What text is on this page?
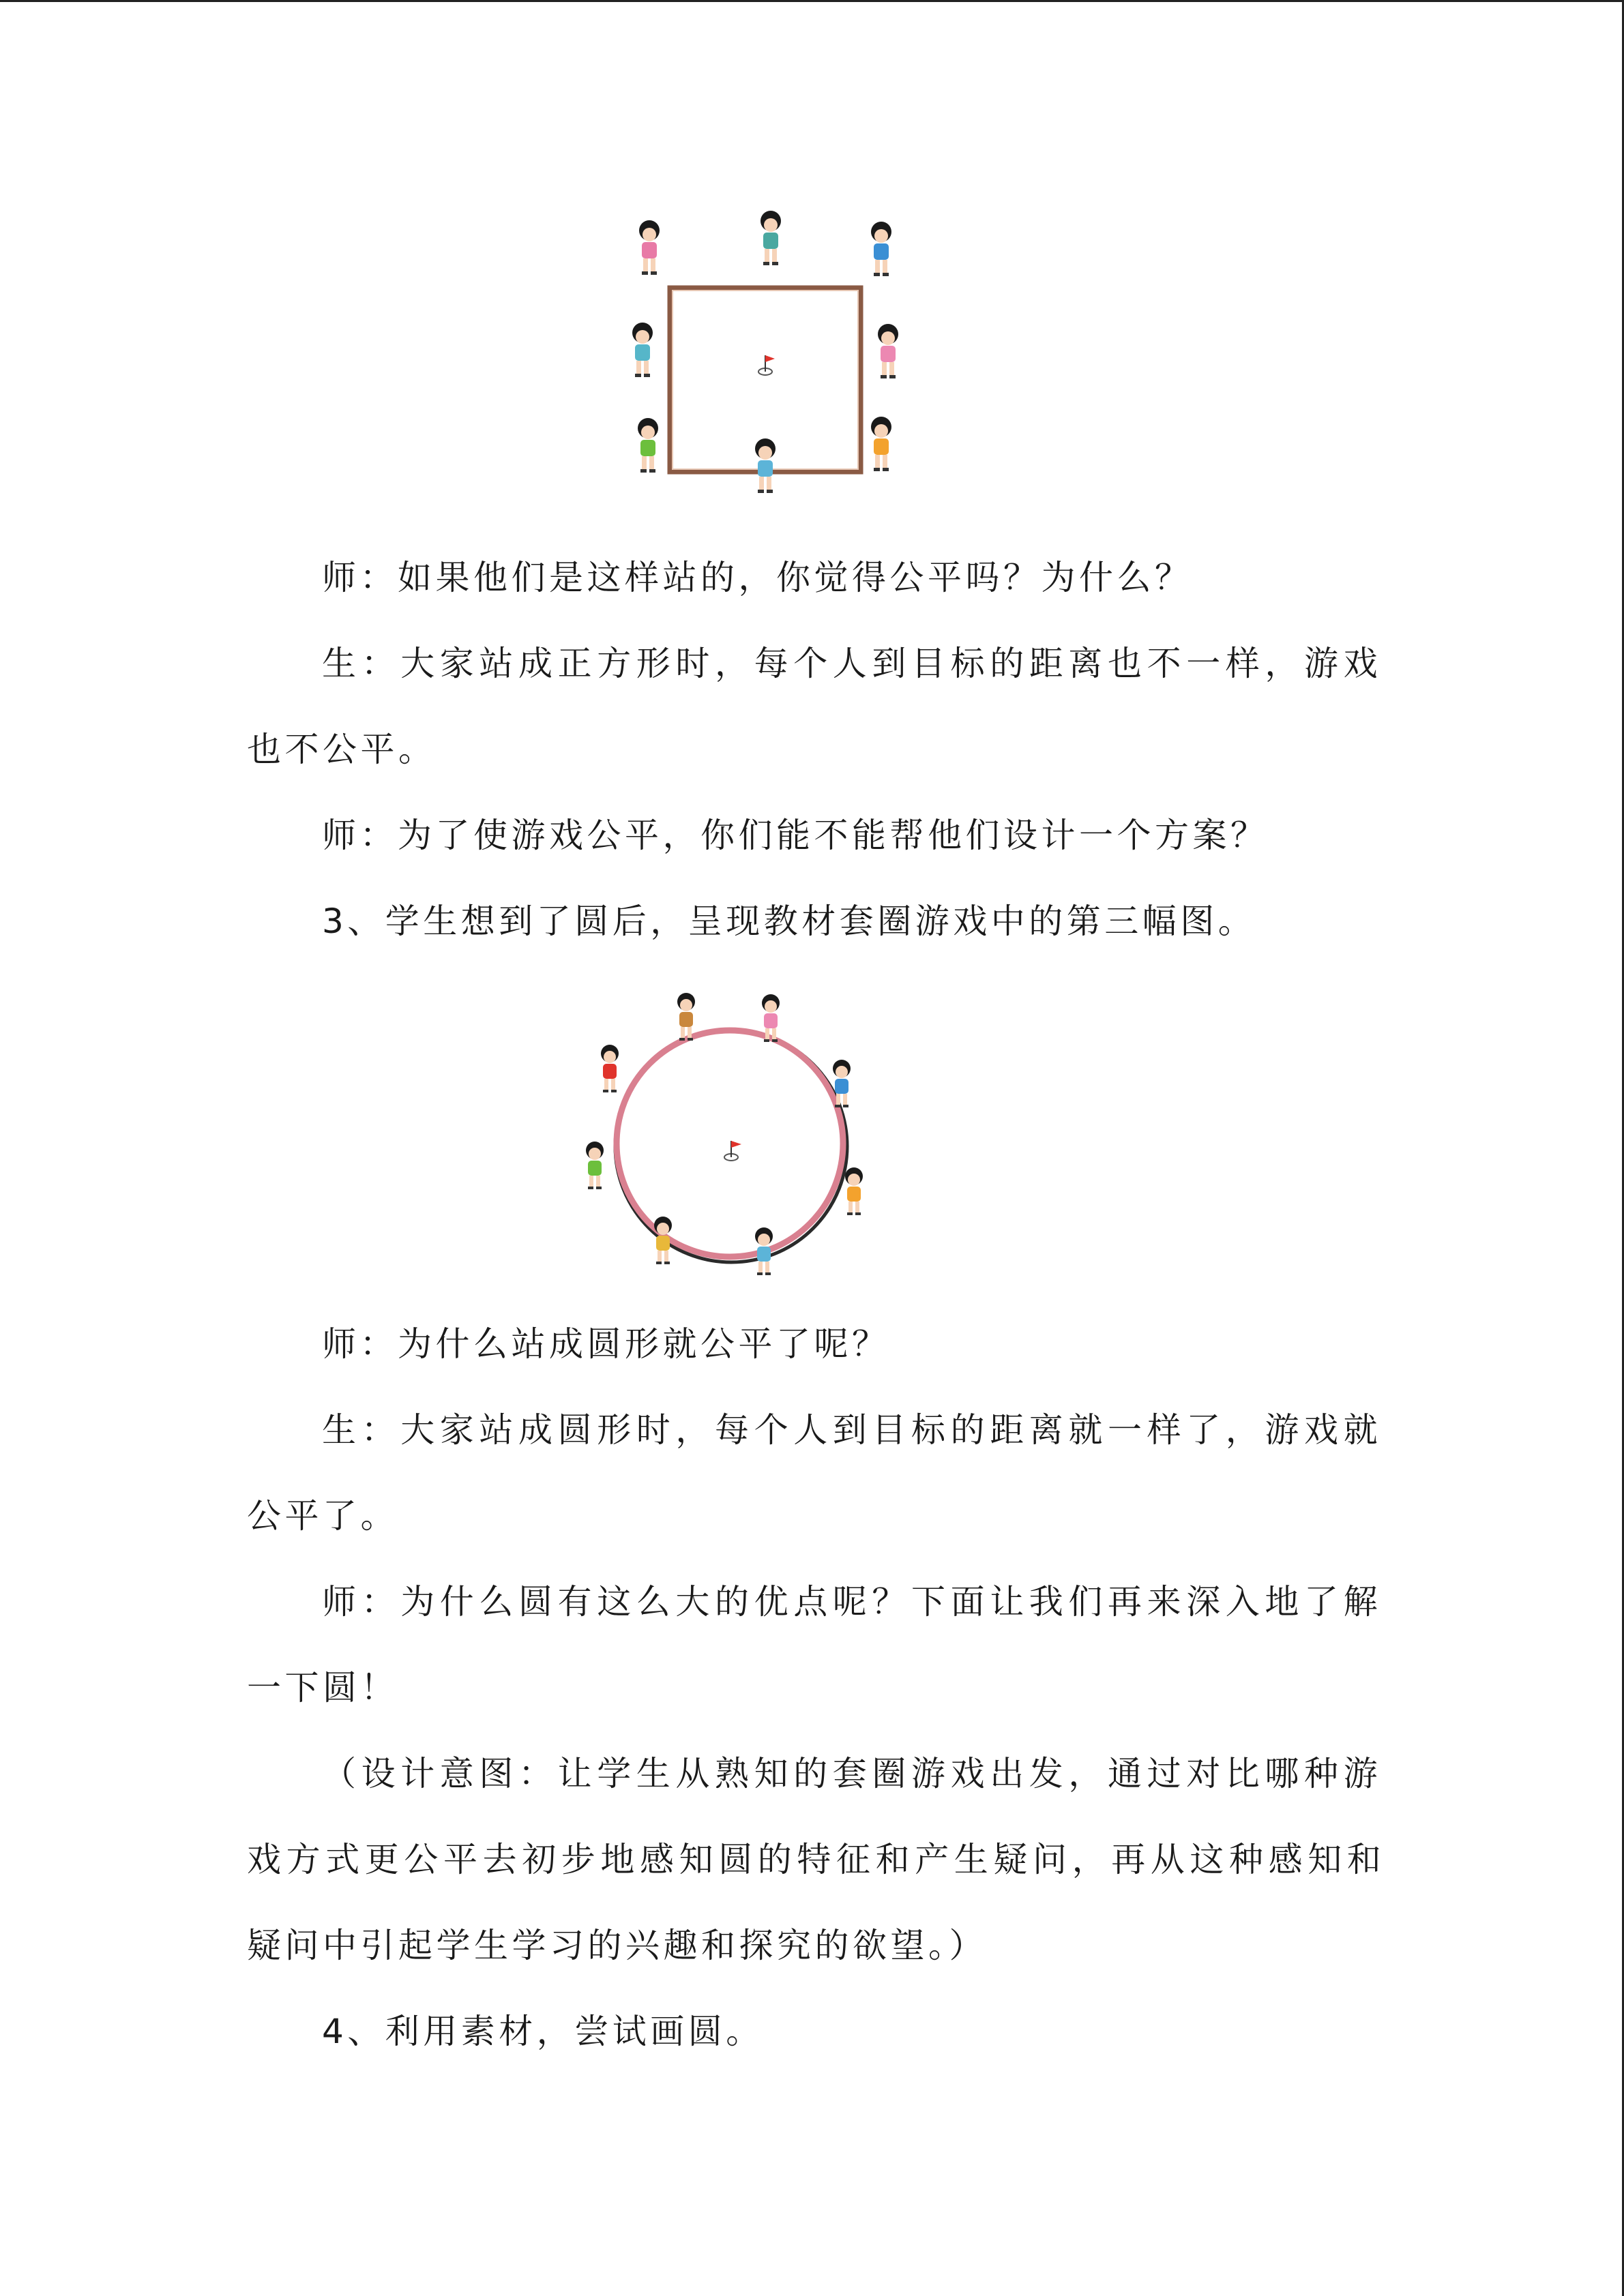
师：如果他们是这样站的，你觉得公平吗？为什么？
生：大家站成正方形时，每个人到目标的距离也不一样，游戏
也不公平。
师：为了使游戏公平，你们能不能帮他们设计一个方案？
3、学生想到了圆后，呈现教材套圈游戏中的第三幅图。
师：为什么站成圆形就公平了呢？
生：大家站成圆形时，每个人到目标的距离就一样了，游戏就
公平了。
师：为什么圆有这么大的优点呢？下面让我们再来深入地了解
一下圆！
（设计意图：让学生从熟知的套圈游戏出发，通过对比哪种游
戏方式更公平去初步地感知圆的特征和产生疑问，再从这种感知和
疑问中引起学生学习的兴趣和探究的欲望。）
4、利用素材，尝试画圆。
